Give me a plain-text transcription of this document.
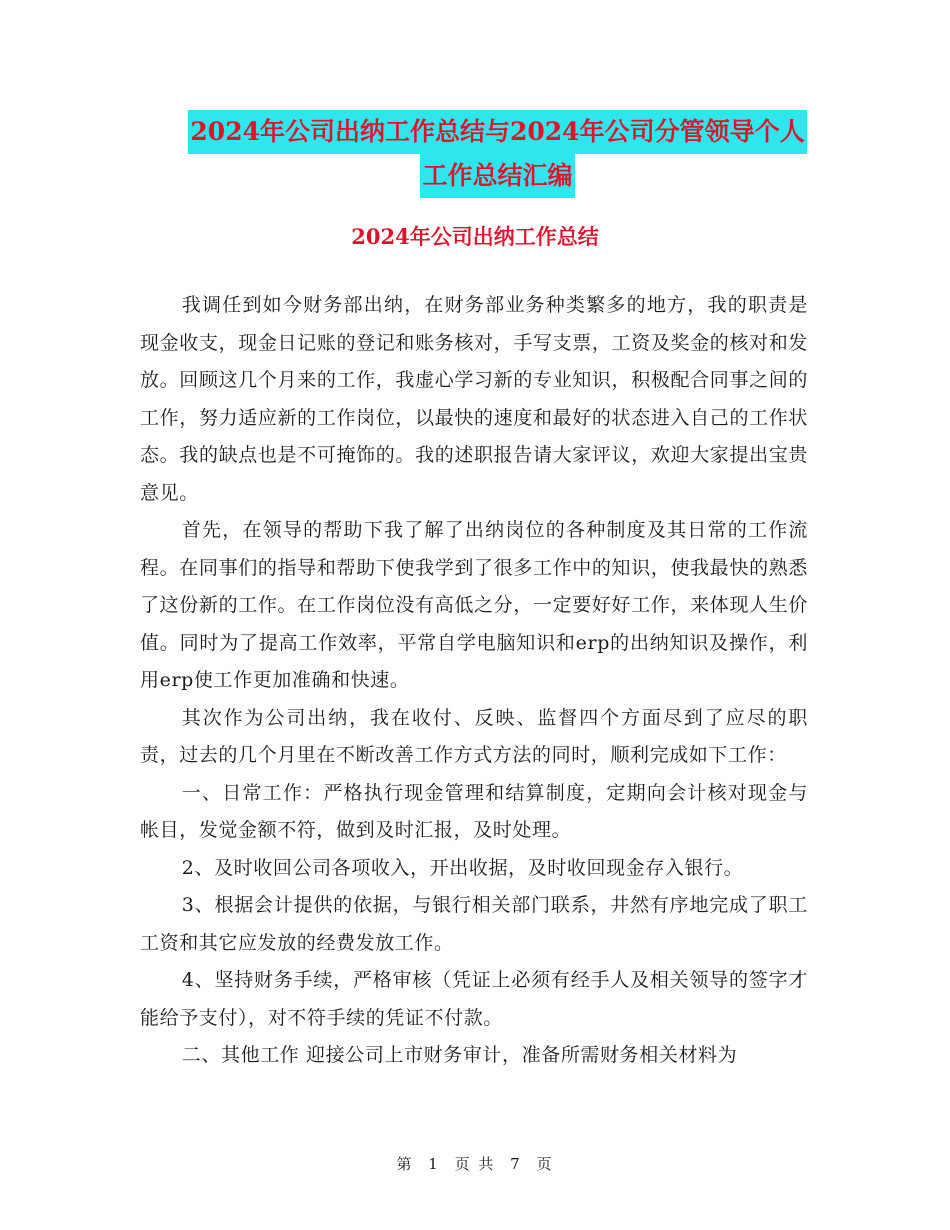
2024年公司出纳工作总结与2024年公司分管领导个人
工作总结汇编
2024年公司出纳工作总结

我调任到如今财务部出纳，在财务部业务种类繁多的地方，我的职责是现金收支，现金日记账的登记和账务核对，手写支票，工资及奖金的核对和发放。回顾这几个月来的工作，我虚心学习新的专业知识，积极配合同事之间的工作，努力适应新的工作岗位，以最快的速度和最好的状态进入自己的工作状态。我的缺点也是不可掩饰的。我的述职报告请大家评议，欢迎大家提出宝贵意见。

首先，在领导的帮助下我了解了出纳岗位的各种制度及其日常的工作流程。在同事们的指导和帮助下使我学到了很多工作中的知识，使我最快的熟悉了这份新的工作。在工作岗位没有高低之分，一定要好好工作，来体现人生价值。同时为了提高工作效率，平常自学电脑知识和erp的出纳知识及操作，利用erp使工作更加准确和快速。

其次作为公司出纳，我在收付、反映、监督四个方面尽到了应尽的职责，过去的几个月里在不断改善工作方式方法的同时，顺利完成如下工作：

一、日常工作：严格执行现金管理和结算制度，定期向会计核对现金与帐目，发觉金额不符，做到及时汇报，及时处理。

2、及时收回公司各项收入，开出收据，及时收回现金存入银行。

3、根据会计提供的依据，与银行相关部门联系，井然有序地完成了职工工资和其它应发放的经费发放工作。

4、坚持财务手续，严格审核（凭证上必须有经手人及相关领导的签字才能给予支付），对不符手续的凭证不付款。

二、其他工作 迎接公司上市财务审计，准备所需财务相关材料为

第 1 页 共 7 页
